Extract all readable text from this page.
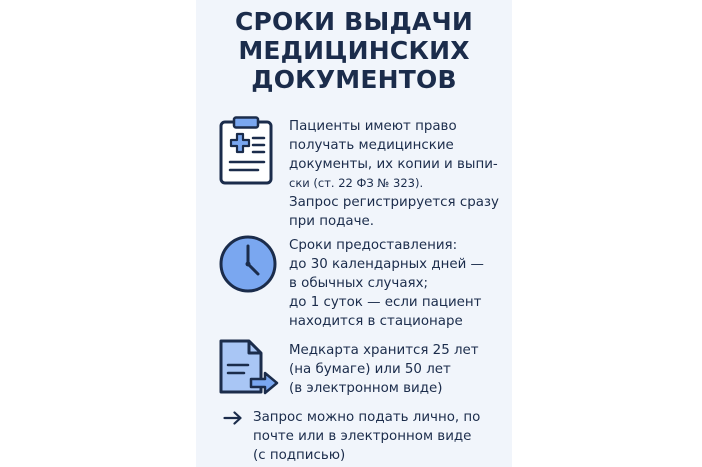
СРОКИ ВЫДАЧИ
МЕДИЦИНСКИХ
ДОКУМЕНТОВ
Пациенты имеют право
получать медицинские
документы, их копии и выпи-
ски (ст. 22 ФЗ № 323).
Запрос регистрируется сразу
при подаче.
Сроки предоставления:
до 30 календарных дней —
в обычных случаях;
до 1 суток — если пациент
находится в стационаре
Медкарта хранится 25 лет
(на бумаге) или 50 лет
(в электронном виде)
Запрос можно подать лично, по
почте или в электронном виде
(с подписью)
